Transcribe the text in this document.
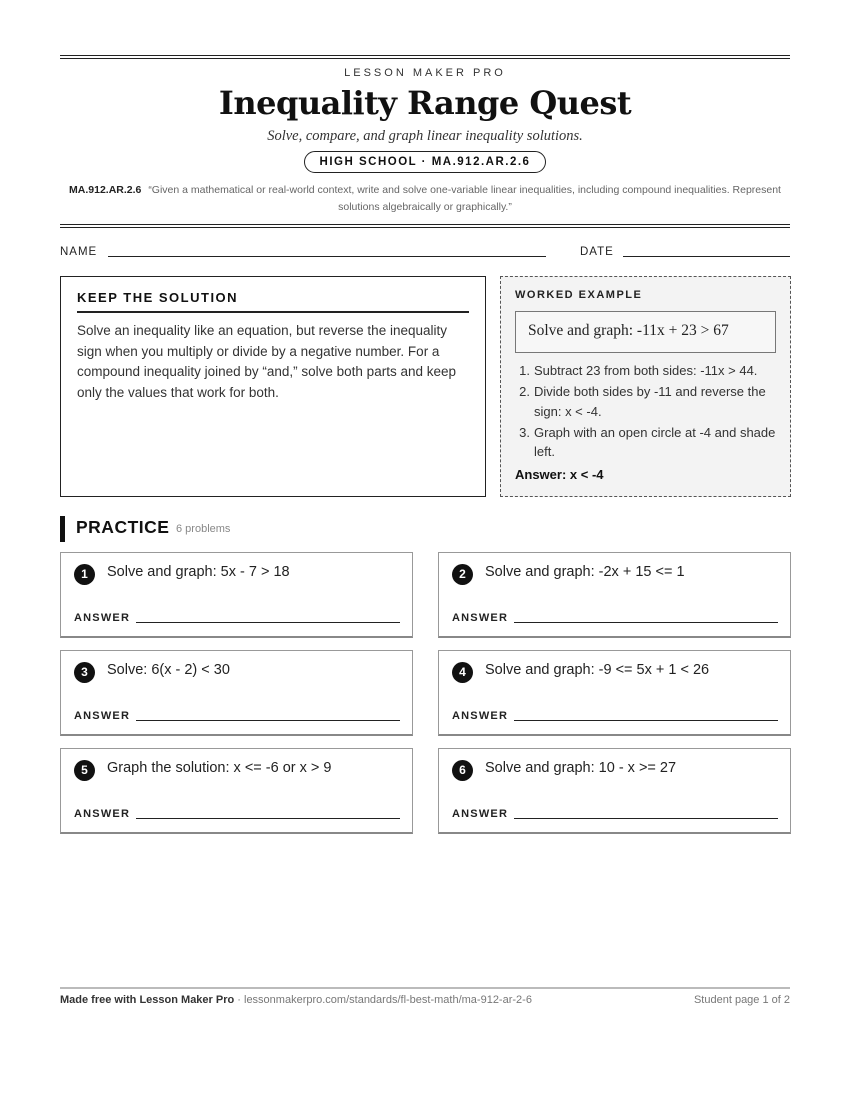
LESSON MAKER PRO
Inequality Range Quest
Solve, compare, and graph linear inequality solutions.
HIGH SCHOOL · MA.912.AR.2.6
MA.912.AR.2.6 “Given a mathematical or real-world context, write and solve one-variable linear inequalities, including compound inequalities. Represent solutions algebraically or graphically.”
NAME	DATE
KEEP THE SOLUTION
Solve an inequality like an equation, but reverse the inequality sign when you multiply or divide by a negative number. For a compound inequality joined by “and,” solve both parts and keep only the values that work for both.
WORKED EXAMPLE
Solve and graph: -11x + 23 > 67
1. Subtract 23 from both sides: -11x > 44.
2. Divide both sides by -11 and reverse the sign: x < -4.
3. Graph with an open circle at -4 and shade left.
Answer: x < -4
PRACTICE 6 problems
1	Solve and graph: 5x - 7 > 18
ANSWER
2	Solve and graph: -2x + 15 <= 1
ANSWER
3	Solve: 6(x - 2) < 30
ANSWER
4	Solve and graph: -9 <= 5x + 1 < 26
ANSWER
5	Graph the solution: x <= -6 or x > 9
ANSWER
6	Solve and graph: 10 - x >= 27
ANSWER
Made free with Lesson Maker Pro · lessonmakerpro.com/standards/fl-best-math/ma-912-ar-2-6	Student page 1 of 2
